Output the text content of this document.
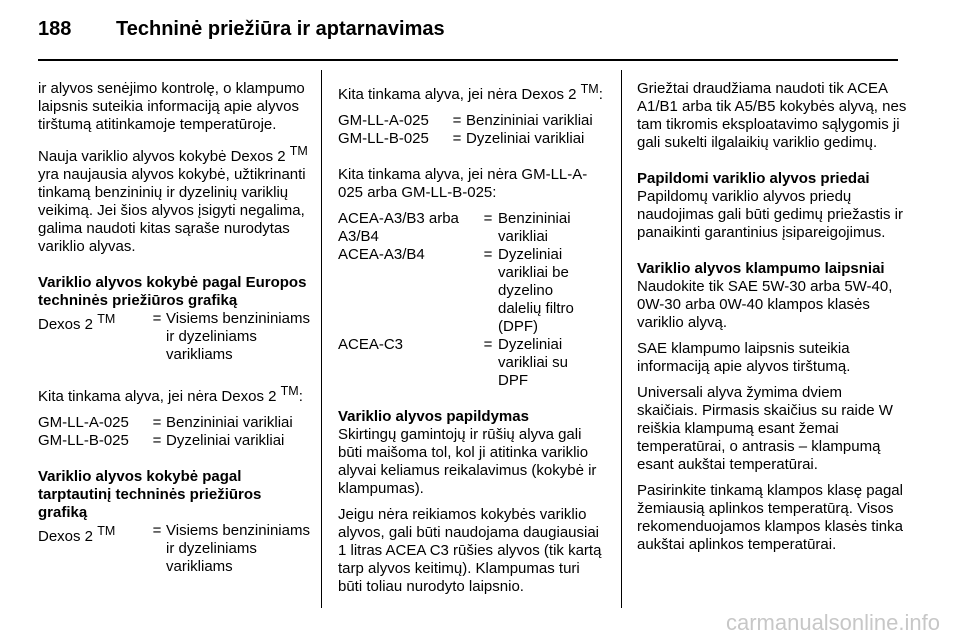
188 Techninė priežiūra ir aptarnavimas

ir alyvos senėjimo kontrolę, o klampumo laipsnis suteikia informaciją apie alyvos tirštumą atitinkamoje temperatūroje.

Nauja variklio alyvos kokybė Dexos 2 ™ yra naujausia alyvos kokybė, užtikrinanti tinkamą benzininių ir dyzelinių variklių veikimą. Jei šios alyvos įsigyti negalima, galima naudoti kitas sąraše nurodytas variklio alyvas.

Variklio alyvos kokybė pagal Europos techninės priežiūros grafiką
Dexos 2 ™	=	Visiems benzininiams ir dyzeliniams varikliams

Kita tinkama alyva, jei nėra Dexos 2 ™:

GM-LL-A-025	=	Benzininiai varikliai
GM-LL-B-025	=	Dyzeliniai varikliai
Variklio alyvos kokybė pagal tarptautinį techninės priežiūros grafiką
Dexos 2 ™	=	Visiems benzininiams ir dyzeliniams varikliams

Kita tinkama alyva, jei nėra Dexos 2 ™:

GM-LL-A-025	=	Benzininiai varikliai
GM-LL-B-025	=	Dyzeliniai varikliai

Kita tinkama alyva, jei nėra GM-LL-A-025 arba GM-LL-B-025:

ACEA-A3/B3 arba A3/B4	=	Benzininiai varikliai
ACEA-A3/B4	=	Dyzeliniai varikliai be dyzelino dalelių filtro (DPF)
ACEA-C3	=	Dyzeliniai varikliai su DPF
Variklio alyvos papildymas

Skirtingų gamintojų ir rūšių alyva gali būti maišoma tol, kol ji atitinka variklio alyvai keliamus reikalavimus (kokybė ir klampumas).

Jeigu nėra reikiamos kokybės variklio alyvos, gali būti naudojama daugiausiai 1 litras ACEA C3 rūšies alyvos (tik kartą tarp alyvos keitimų). Klampumas turi būti toliau nurodyto laipsnio.

Griežtai draudžiama naudoti tik ACEA A1/B1 arba tik A5/B5 kokybės alyvą, nes tam tikromis eksploatavimo sąlygomis ji gali sukelti ilgalaikių variklio gedimų.

Papildomi variklio alyvos priedai

Papildomų variklio alyvos priedų naudojimas gali būti gedimų priežastis ir panaikinti garantinius įsipareigojimus.

Variklio alyvos klampumo laipsniai

Naudokite tik SAE 5W-30 arba 5W-40, 0W-30 arba 0W-40 klampos klasės variklio alyvą.

SAE klampumo laipsnis suteikia informaciją apie alyvos tirštumą.

Universali alyva žymima dviem skaičiais. Pirmasis skaičius su raide W reiškia klampumą esant žemai temperatūrai, o antrasis – klampumą esant aukštai temperatūrai.

Pasirinkite tinkamą klampos klasę pagal žemiausią aplinkos temperatūrą. Visos rekomenduojamos klampos klasės tinka aukštai aplinkos temperatūrai.

carmanualsonline.info
